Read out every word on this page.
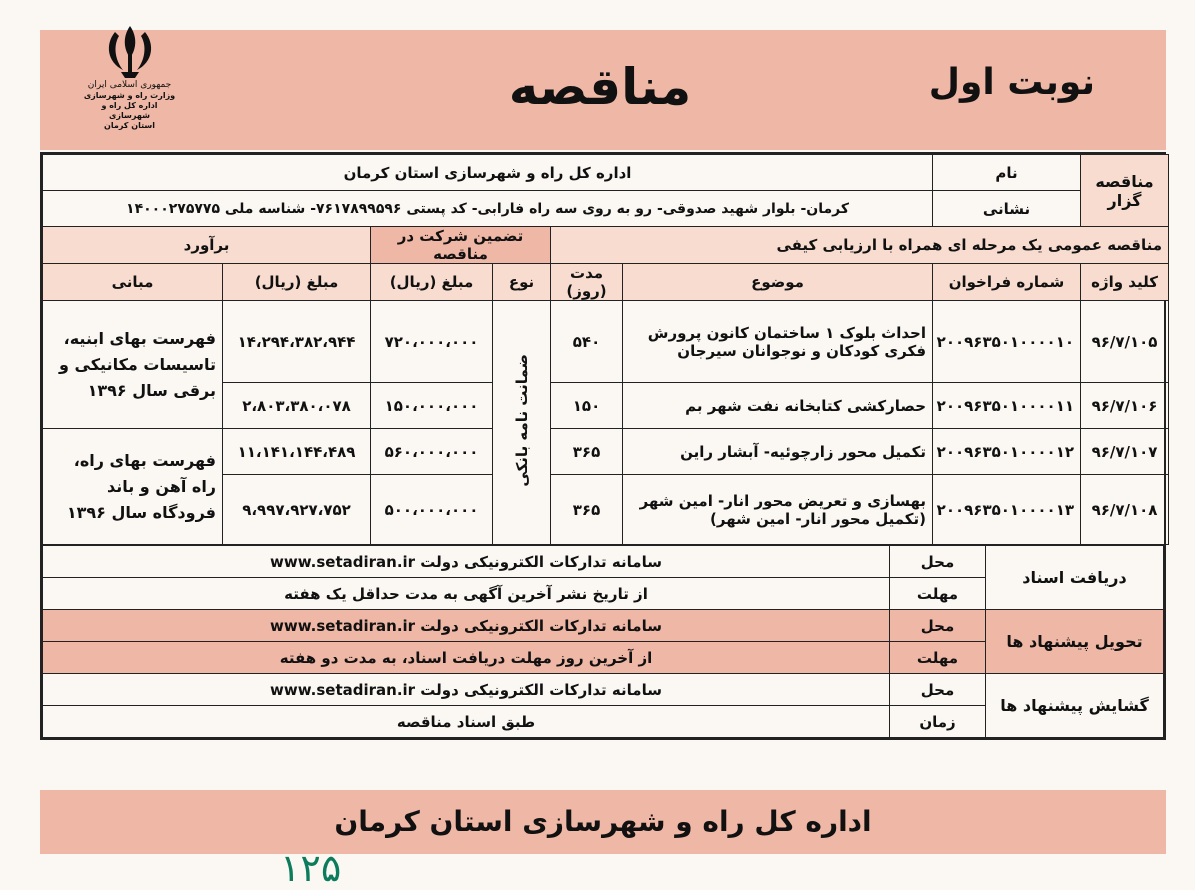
جمهوری اسلامی ایران
وزارت راه و شهرسازی
اداره کل راه و شهرسازی
استان کرمان
مناقصه	نوبت اول
مناقصه گزار	نام	اداره کل راه و شهرسازی استان کرمان					
	نشانی	کرمان- بلوار شهید صدوقی- رو به روی سه راه فارابی- کد پستی ۷۶۱۷۸۹۹۵۹۶- شناسه ملی ۱۴۰۰۰۲۷۵۷۷۵					
مناقصه عمومی یک مرحله ای همراه با ارزیابی کیفی				تضمین شرکت در مناقصه		برآورد	
کلید واژه	شماره فراخوان	موضوع	مدت (روز)	نوع	مبلغ (ریال)	مبلغ (ریال)	مبانی
۹۶/۷/۱۰۵	۲۰۰۹۶۳۵۰۱۰۰۰۰۱۰	احداث بلوک ۱ ساختمان کانون پرورش فکری کودکان و نوجوانان سیرجان	۵۴۰	ضمانت نامه بانکی	۷۲۰،۰۰۰،۰۰۰	۱۴،۲۹۴،۳۸۲،۹۴۴	فهرست بهای ابنیه، تاسیسات مکانیکی و برقی سال ۱۳۹۶
۹۶/۷/۱۰۶	۲۰۰۹۶۳۵۰۱۰۰۰۰۱۱	حصارکشی کتابخانه نفت شهر بم	۱۵۰		۱۵۰،۰۰۰،۰۰۰	۲،۸۰۳،۳۸۰،۰۷۸	
۹۶/۷/۱۰۷	۲۰۰۹۶۳۵۰۱۰۰۰۰۱۲	تکمیل محور زارچوئیه- آبشار راین	۳۶۵		۵۶۰،۰۰۰،۰۰۰	۱۱،۱۴۱،۱۴۴،۴۸۹	فهرست بهای راه، راه آهن و باند فرودگاه سال ۱۳۹۶
۹۶/۷/۱۰۸	۲۰۰۹۶۳۵۰۱۰۰۰۰۱۳	بهسازی و تعریض محور انار- امین شهر (تکمیل محور انار- امین شهر)	۳۶۵		۵۰۰،۰۰۰،۰۰۰	۹،۹۹۷،۹۲۷،۷۵۲	
دریافت اسناد	محل	سامانه تدارکات الکترونیکی دولت www.setadiran.ir
	مهلت	از تاریخ نشر آخرین آگهی به مدت حداقل یک هفته
تحویل پیشنهاد ها	محل	سامانه تدارکات الکترونیکی دولت www.setadiran.ir
	مهلت	از آخرین روز مهلت دریافت اسناد، به مدت دو هفته
گشایش پیشنهاد ها	محل	سامانه تدارکات الکترونیکی دولت www.setadiran.ir
	زمان	طبق اسناد مناقصه
اداره کل راه و شهرسازی استان کرمان
۱۲۵
